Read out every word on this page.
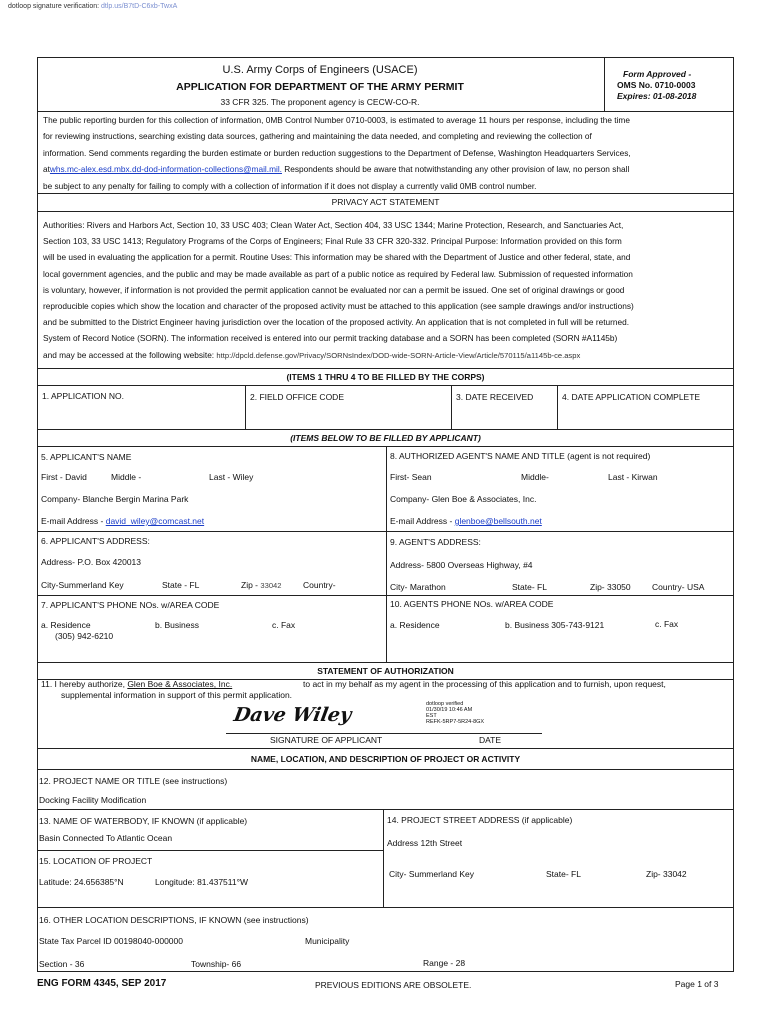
dotloop signature verification: dtlp.us/B7tD-C6xb-TwxA
U.S. Army Corps of Engineers (USACE)
APPLICATION FOR DEPARTMENT OF THE ARMY PERMIT
33 CFR 325. The proponent agency is CECW-CO-R.
Form Approved -
OMS No. 0710-0003
Expires: 01-08-2018
The public reporting burden for this collection of information, 0MB Control Number 0710-0003, is estimated to average 11 hours per response, including the time
for reviewing instructions, searching existing data sources, gathering and maintaining the data needed, and completing and reviewing the collection of
information. Send comments regarding the burden estimate or burden reduction suggestions to the Department of Defense, Washington Headquarters Services,
atwhs.mc-alex.esd.mbx.dd-dod-information-collections@mail.mil. Respondents should be aware that notwithstanding any other provision of law, no person shall
be subject to any penalty for failing to comply with a collection of information if it does not display a currently valid 0MB control number.
PRIVACY ACT STATEMENT
Authorities: Rivers and Harbors Act, Section 10, 33 USC 403; Clean Water Act, Section 404, 33 USC 1344; Marine Protection, Research, and Sanctuaries Act,
Section 103, 33 USC 1413; Regulatory Programs of the Corps of Engineers; Final Rule 33 CFR 320-332. Principal Purpose: Information provided on this form
will be used in evaluating the application for a permit. Routine Uses: This information may be shared with the Department of Justice and other federal, state, and
local government agencies, and the public and may be made available as part of a public notice as required by Federal law. Submission of requested information
is voluntary, however, if information is not provided the permit application cannot be evaluated nor can a permit be issued. One set of original drawings or good
reproducible copies which show the location and character of the proposed activity must be attached to this application (see sample drawings and/or instructions)
and be submitted to the District Engineer having jurisdiction over the location of the proposed activity. An application that is not completed in full will be returned.
System of Record Notice (SORN). The information received is entered into our permit tracking database and a SORN has been completed (SORN #A1145b)
and may be accessed at the following website: http://dpcld.defense.gov/Privacy/SORNsIndex/DOD-wide-SORN-Article-View/Article/570115/a1145b-ce.aspx
(ITEMS 1 THRU 4 TO BE FILLED BY THE CORPS)
1. APPLICATION NO.	2. FIELD OFFICE CODE	3. DATE RECEIVED	4. DATE APPLICATION COMPLETE
(ITEMS BELOW TO BE FILLED BY APPLICANT)
5. APPLICANT'S NAME
First - David	Middle -	Last - Wiley
Company- Blanche Bergin Marina Park
E-mail Address - david_wiley@comcast.net
8. AUTHORIZED AGENT'S NAME AND TITLE (agent is not required)
First- Sean	Middle-	Last - Kirwan
Company- Glen Boe & Associates, Inc.
E-mail Address - glenboe@bellsouth.net
6. APPLICANT'S ADDRESS:
Address- P.O. Box 420013
City-Summerland Key	State - FL	Zip - 33042	Country-
9. AGENT'S ADDRESS:
Address- 5800 Overseas Highway, #4
City- Marathon	State- FL	Zip- 33050	Country- USA
7. APPLICANT'S PHONE NOs. w/AREA CODE
a. Residence
(305) 942-6210
b. Business	c. Fax
10. AGENTS PHONE NOs. w/AREA CODE
a. Residence	b. Business 305-743-9121	c. Fax
STATEMENT OF AUTHORIZATION
11. I hereby authorize, Glen Boe & Associates, Inc.	to act in my behalf as my agent in the processing of this application and to furnish, upon request,
supplemental information in support of this permit application.
Dave Wiley	dotloop verified
01/30/19 10:46 AM
EST
REFK-5RP7-5R24-8GX
SIGNATURE OF APPLICANT	DATE
NAME, LOCATION, AND DESCRIPTION OF PROJECT OR ACTIVITY
12. PROJECT NAME OR TITLE (see instructions)
Docking Facility Modification
13. NAME OF WATERBODY, IF KNOWN (if applicable)
Basin Connected To Atlantic Ocean
14. PROJECT STREET ADDRESS (if applicable)
Address 12th Street
15. LOCATION OF PROJECT
Latitude: 24.656385°N	Longitude: 81.437511°W
City- Summerland Key	State- FL	Zip- 33042
16. OTHER LOCATION DESCRIPTIONS, IF KNOWN (see instructions)
State Tax Parcel ID 00198040-000000	Municipality
Section - 36	Township- 66	Range - 28
ENG FORM 4345, SEP 2017	PREVIOUS EDITIONS ARE OBSOLETE.	Page 1 of 3
